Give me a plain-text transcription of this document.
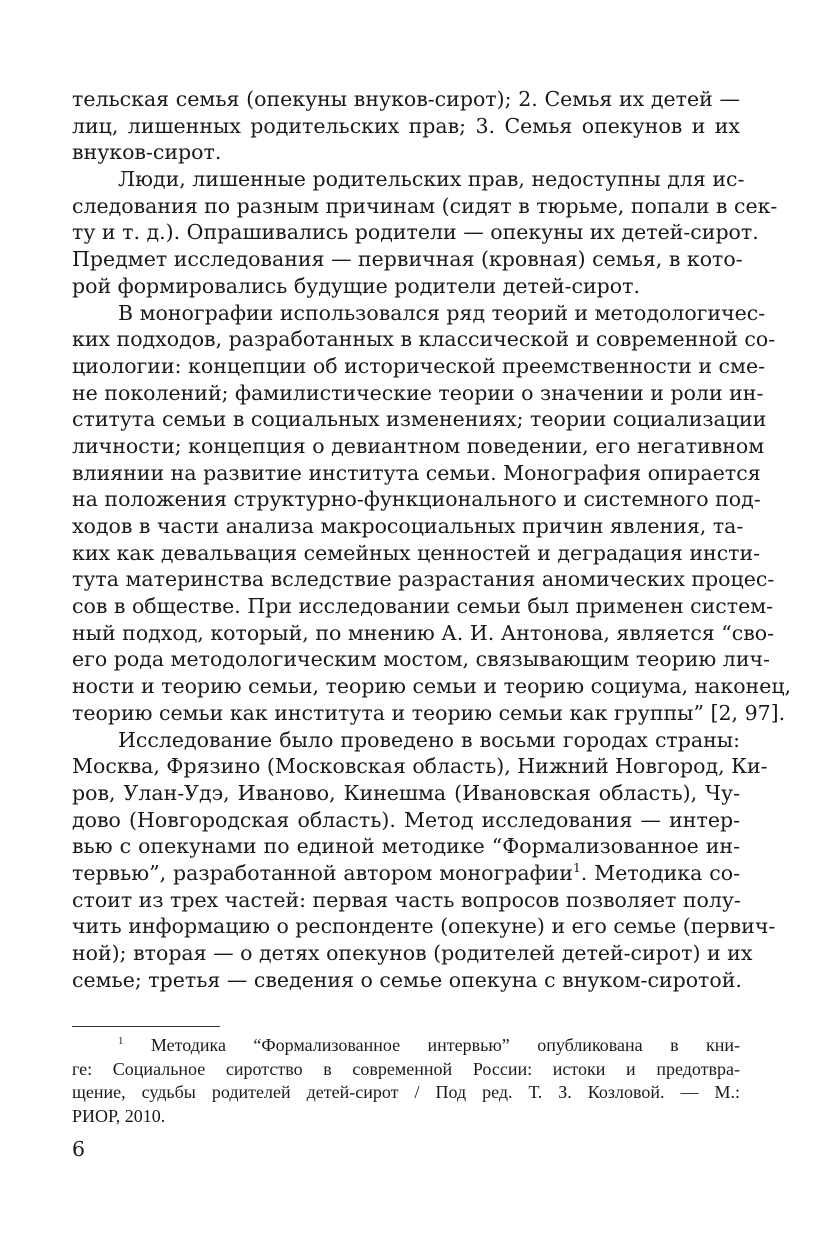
тельская семья (опекуны внуков-сирот); 2. Семья их детей —
лиц, лишенных родительских прав; 3. Семья опекунов и их
внуков-сирот.
Люди, лишенные родительских прав, недоступны для ис-
следования по разным причинам (сидят в тюрьме, попали в сек-
ту и т. д.). Опрашивались родители — опекуны их детей-сирот.
Предмет исследования — первичная (кровная) семья, в кото-
рой формировались будущие родители детей-сирот.
В монографии использовался ряд теорий и методологичес-
ких подходов, разработанных в классической и современной со-
циологии: концепции об исторической преемственности и сме-
не поколений; фамилистические теории о значении и роли ин-
ститута семьи в социальных изменениях; теории социализации
личности; концепция о девиантном поведении, его негативном
влиянии на развитие института семьи. Монография опирается
на положения структурно-функционального и системного под-
ходов в части анализа макросоциальных причин явления, та-
ких как девальвация семейных ценностей и деградация инсти-
тута материнства вследствие разрастания аномических процес-
сов в обществе. При исследовании семьи был применен систем-
ный подход, который, по мнению А. И. Антонова, является “сво-
его рода методологическим мостом, связывающим теорию лич-
ности и теорию семьи, теорию семьи и теорию социума, наконец,
теорию семьи как института и теорию семьи как группы” [2, 97].
Исследование было проведено в восьми городах страны:
Москва, Фрязино (Московская область), Нижний Новгород, Ки-
ров, Улан-Удэ, Иваново, Кинешма (Ивановская область), Чу-
дово (Новгородская область). Метод исследования — интер-
вью с опекунами по единой методике “Формализованное ин-
тервью”, разработанной автором монографии$^1$. Методика со-
стоит из трех частей: первая часть вопросов позволяет полу-
чить информацию о респонденте (опекуне) и его семье (первич-
ной); вторая — о детях опекунов (родителей детей-сирот) и их
семье; третья — сведения о семье опекуна с внуком-сиротой.
$^1$ Методика “Формализованное интервью” опубликована в кни-
ге: Социальное сиротство в современной России: истоки и предотвра-
щение, судьбы родителей детей-сирот / Под ред. Т. З. Козловой. — М.:
РИОР, 2010.
6
